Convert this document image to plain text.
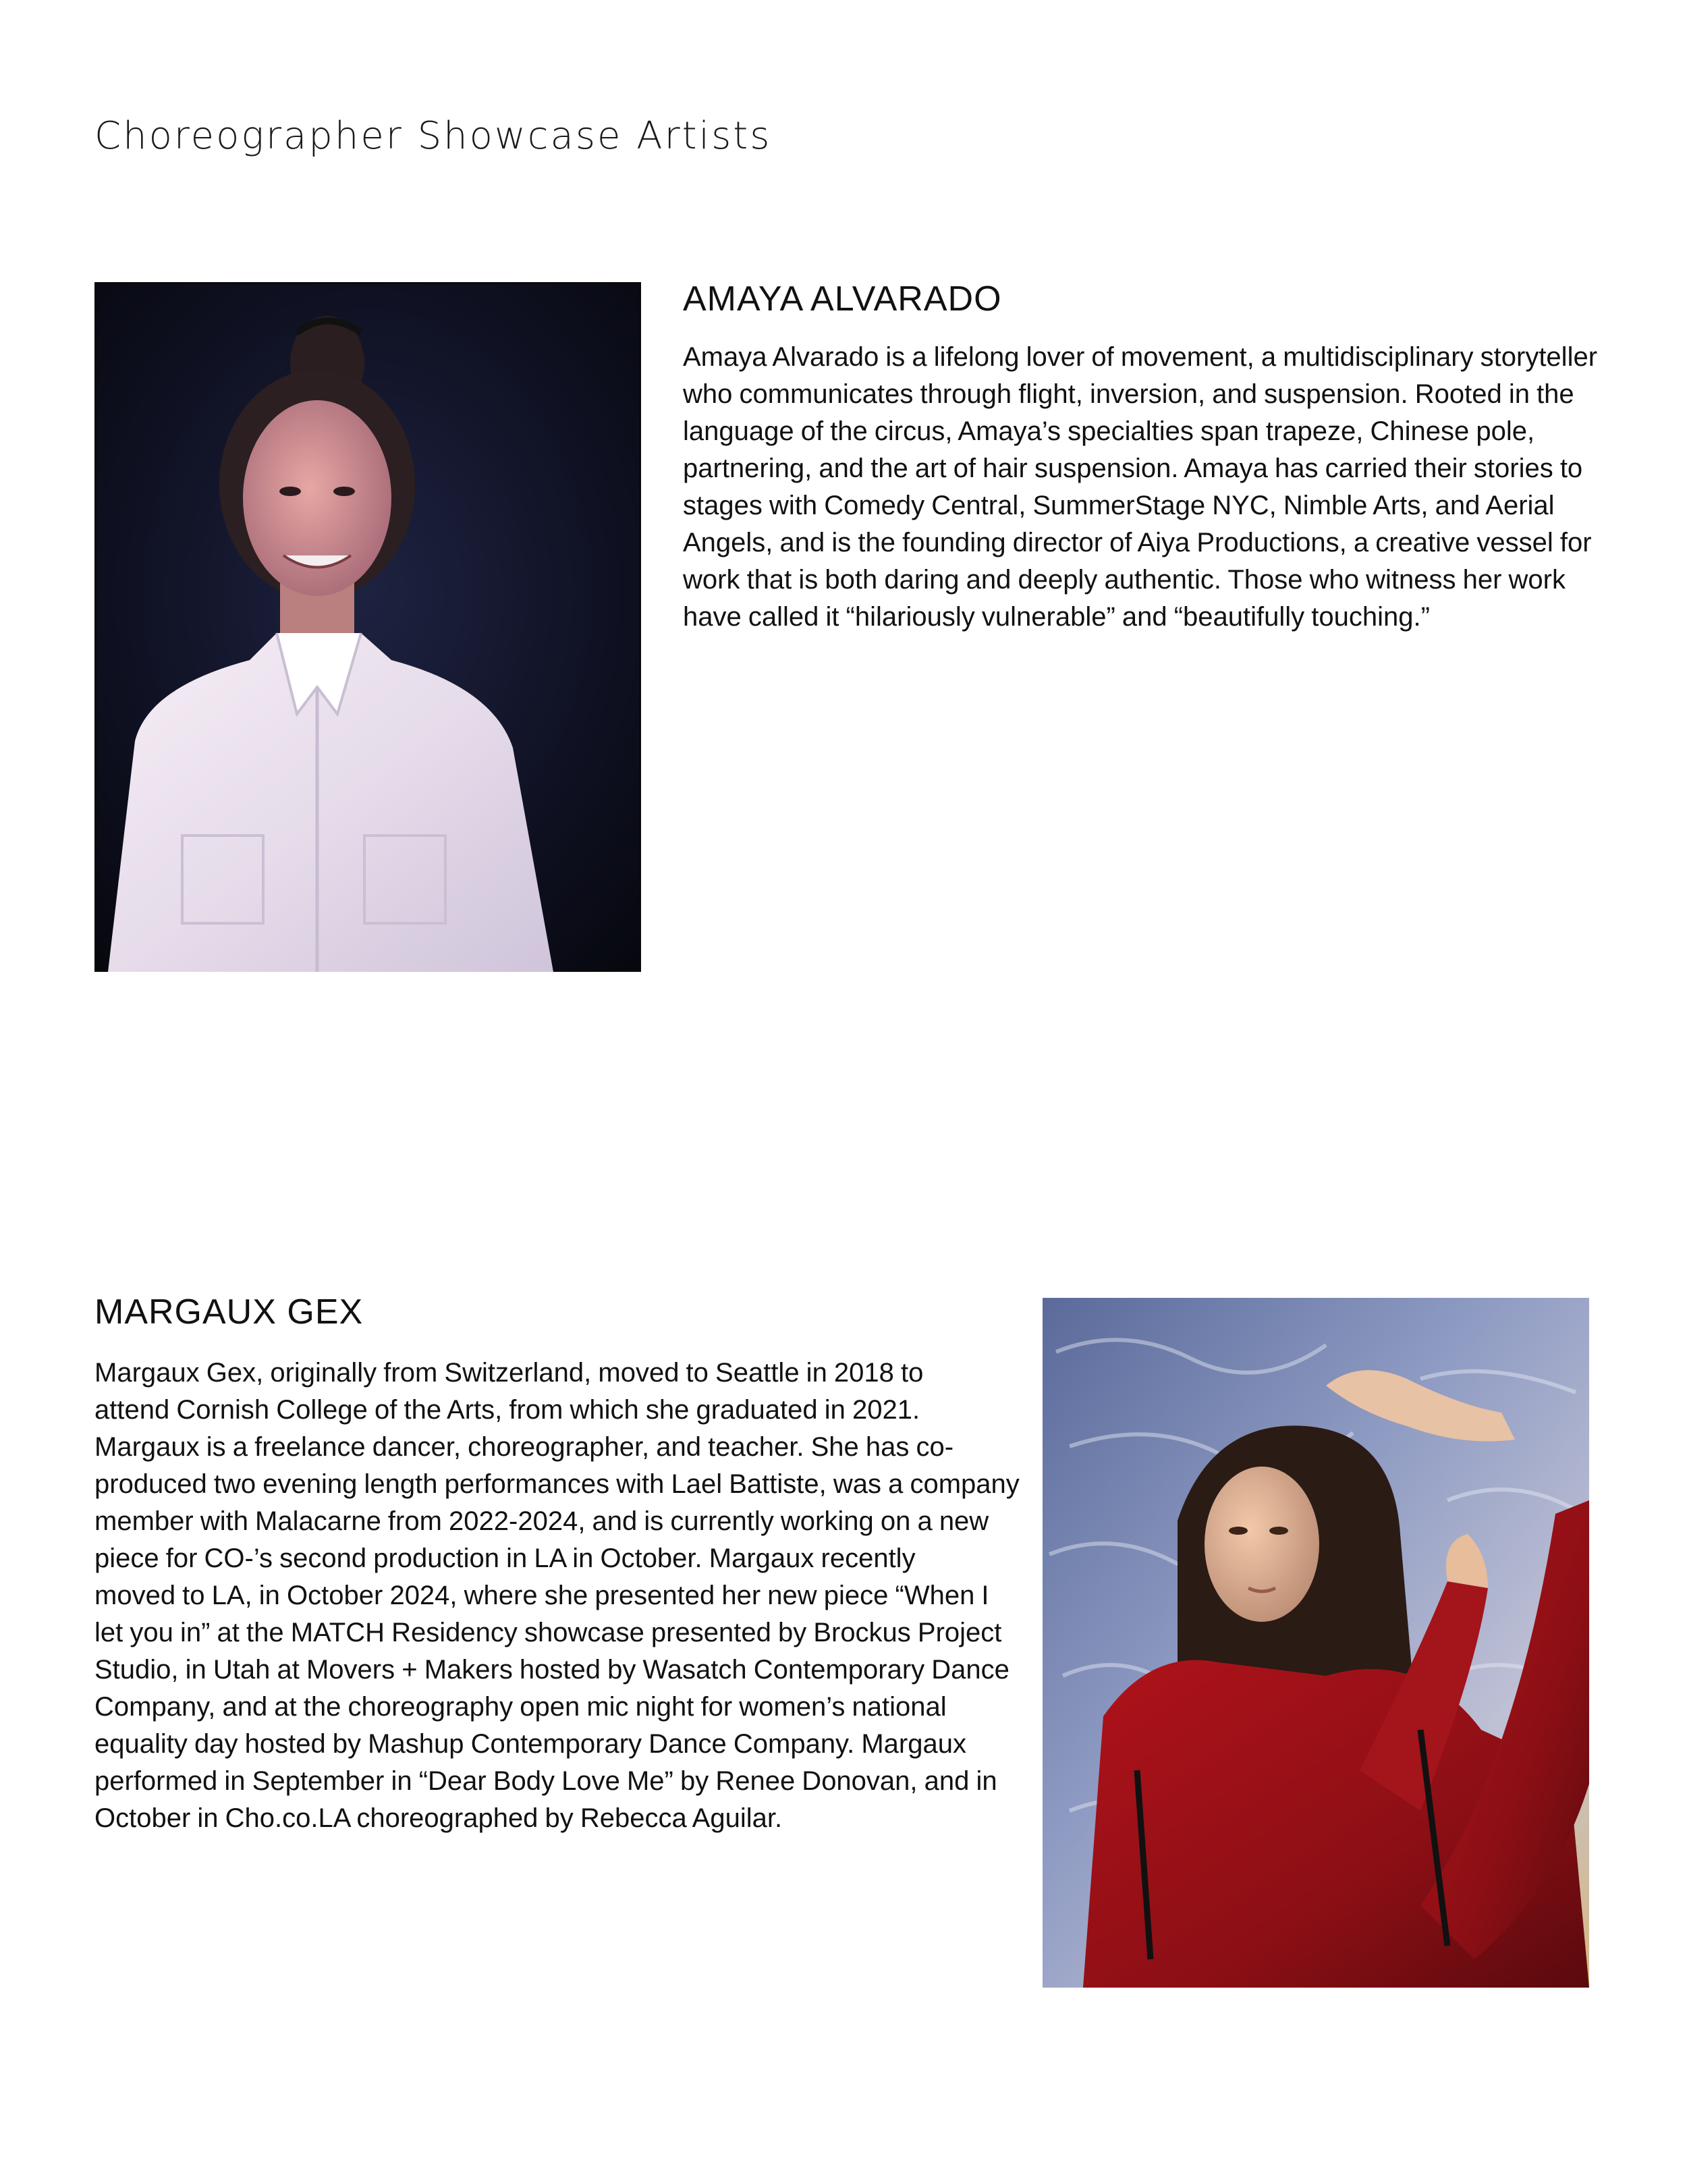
Choreographer Showcase Artists
AMAYA ALVARADO

Amaya Alvarado is a lifelong lover of movement, a multidisciplinary storyteller
who communicates through flight, inversion, and suspension. Rooted in the
language of the circus, Amaya’s specialties span trapeze, Chinese pole,
partnering, and the art of hair suspension. Amaya has carried their stories to
stages with Comedy Central, SummerStage NYC, Nimble Arts, and Aerial
Angels, and is the founding director of Aiya Productions, a creative vessel for
work that is both daring and deeply authentic. Those who witness her work
have called it “hilariously vulnerable” and “beautifully touching.”

MARGAUX GEX

Margaux Gex, originally from Switzerland, moved to Seattle in 2018 to
attend Cornish College of the Arts, from which she graduated in 2021.
Margaux is a freelance dancer, choreographer, and teacher. She has co-
produced two evening length performances with Lael Battiste, was a company
member with Malacarne from 2022-2024, and is currently working on a new
piece for CO-’s second production in LA in October. Margaux recently
moved to LA, in October 2024, where she presented her new piece “When I
let you in” at the MATCH Residency showcase presented by Brockus Project
Studio, in Utah at Movers + Makers hosted by Wasatch Contemporary Dance
Company, and at the choreography open mic night for women’s national
equality day hosted by Mashup Contemporary Dance Company. Margaux
performed in September in “Dear Body Love Me” by Renee Donovan, and in
October in Cho.co.LA choreographed by Rebecca Aguilar.
